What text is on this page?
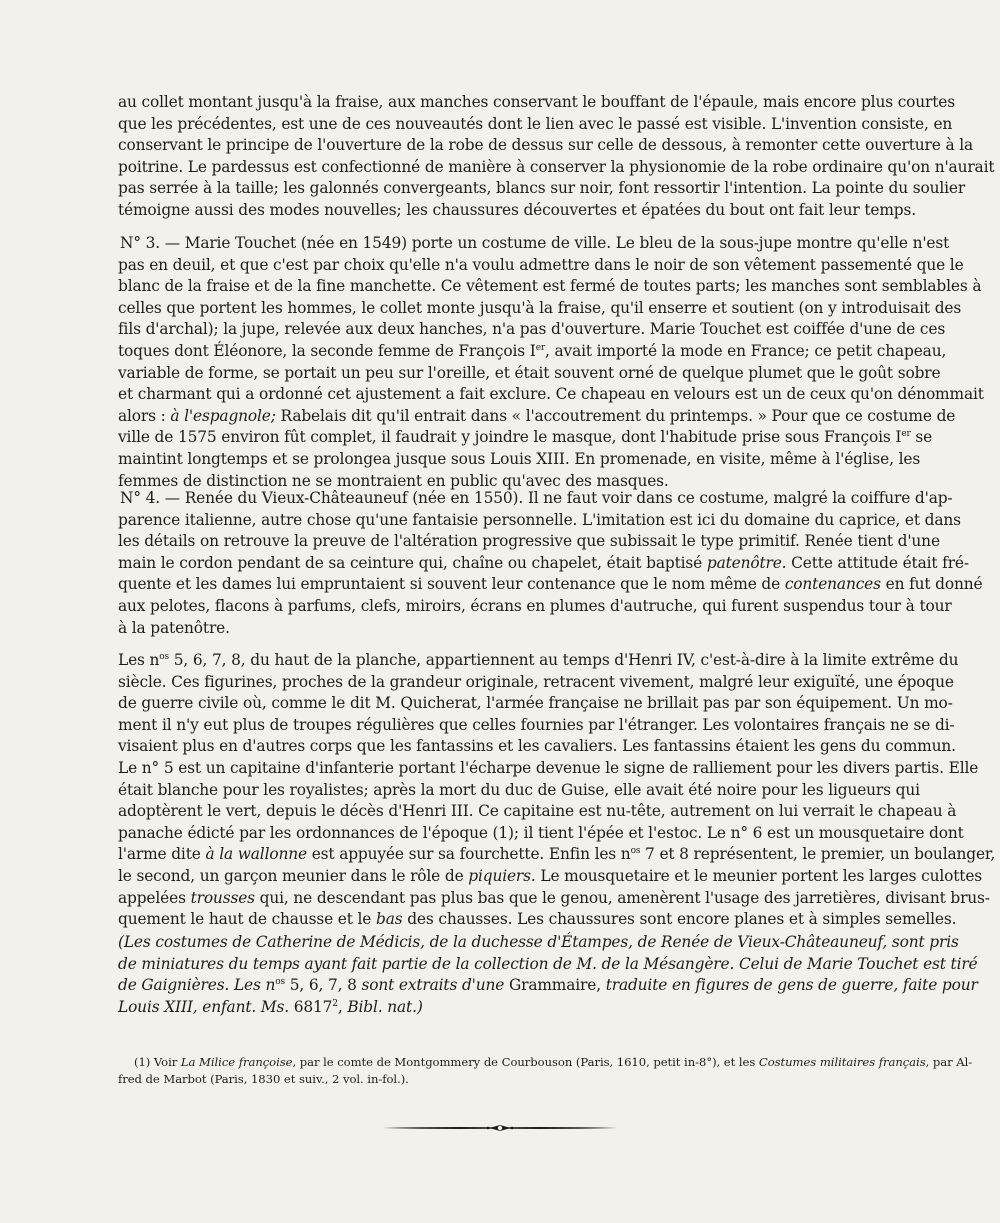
au collet montant jusqu'à la fraise, aux manches conservant le bouffant de l'épaule, mais encore plus courtes
que les précédentes, est une de ces nouveautés dont le lien avec le passé est visible. L'invention consiste, en
conservant le principe de l'ouverture de la robe de dessus sur celle de dessous, à remonter cette ouverture à la
poitrine. Le pardessus est confectionné de manière à conserver la physionomie de la robe ordinaire qu'on n'aurait
pas serrée à la taille; les galonnés convergeants, blancs sur noir, font ressortir l'intention. La pointe du soulier
témoigne aussi des modes nouvelles; les chaussures découvertes et épatées du bout ont fait leur temps.
N° 3. — Marie Touchet (née en 1549) porte un costume de ville. Le bleu de la sous-jupe montre qu'elle n'est
pas en deuil, et que c'est par choix qu'elle n'a voulu admettre dans le noir de son vêtement passementé que le
blanc de la fraise et de la fine manchette. Ce vêtement est fermé de toutes parts; les manches sont semblables à
celles que portent les hommes, le collet monte jusqu'à la fraise, qu'il enserre et soutient (on y introduisait des
fils d'archal); la jupe, relevée aux deux hanches, n'a pas d'ouverture. Marie Touchet est coiffée d'une de ces
toques dont Éléonore, la seconde femme de François Ier, avait importé la mode en France; ce petit chapeau,
variable de forme, se portait un peu sur l'oreille, et était souvent orné de quelque plumet que le goût sobre
et charmant qui a ordonné cet ajustement a fait exclure. Ce chapeau en velours est un de ceux qu'on dénommait
alors : à l'espagnole; Rabelais dit qu'il entrait dans « l'accoutrement du printemps. » Pour que ce costume de
ville de 1575 environ fût complet, il faudrait y joindre le masque, dont l'habitude prise sous François Ier se
maintint longtemps et se prolongea jusque sous Louis XIII. En promenade, en visite, même à l'église, les
femmes de distinction ne se montraient en public qu'avec des masques.
N° 4. — Renée du Vieux-Châteauneuf (née en 1550). Il ne faut voir dans ce costume, malgré la coiffure d'ap-
parence italienne, autre chose qu'une fantaisie personnelle. L'imitation est ici du domaine du caprice, et dans
les détails on retrouve la preuve de l'altération progressive que subissait le type primitif. Renée tient d'une
main le cordon pendant de sa ceinture qui, chaîne ou chapelet, était baptisé patenôtre. Cette attitude était fré-
quente et les dames lui empruntaient si souvent leur contenance que le nom même de contenances en fut donné
aux pelotes, flacons à parfums, clefs, miroirs, écrans en plumes d'autruche, qui furent suspendus tour à tour
à la patenôtre.
Les $n^{os}$ 5, 6, 7, 8, du haut de la planche, appartiennent au temps d'Henri IV, c'est-à-dire à la limite extrême du
siècle. Ces figurines, proches de la grandeur originale, retracent vivement, malgré leur exiguïté, une époque
de guerre civile où, comme le dit M. Quicherat, l'armée française ne brillait pas par son équipement. Un mo-
ment il n'y eut plus de troupes régulières que celles fournies par l'étranger. Les volontaires français ne se di-
visaient plus en d'autres corps que les fantassins et les cavaliers. Les fantassins étaient les gens du commun.
Le n° 5 est un capitaine d'infanterie portant l'écharpe devenue le signe de ralliement pour les divers partis. Elle
était blanche pour les royalistes; après la mort du duc de Guise, elle avait été noire pour les ligueurs qui
adoptèrent le vert, depuis le décès d'Henri III. Ce capitaine est nu-tête, autrement on lui verrait le chapeau à
panache édicté par les ordonnances de l'époque (1); il tient l'épée et l'estoc. Le n° 6 est un mousquetaire dont
l'arme dite à la wallonne est appuyée sur sa fourchette. Enfin les $n^{os}$ 7 et 8 représentent, le premier, un boulanger,
le second, un garçon meunier dans le rôle de piquiers. Le mousquetaire et le meunier portent les larges culottes
appelées trousses qui, ne descendant pas plus bas que le genou, amenèrent l'usage des jarretières, divisant brus-
quement le haut de chausse et le bas des chausses. Les chaussures sont encore planes et à simples semelles.
(Les costumes de Catherine de Médicis, de la duchesse d'Étampes, de Renée de Vieux-Châteauneuf, sont pris
de miniatures du temps ayant fait partie de la collection de M. de la Mésangère. Celui de Marie Touchet est tiré
de Gaignières. Les $n^{os}$ 5, 6, 7, 8 sont extraits d'une Grammaire, traduite en figures de gens de guerre, faite pour
Louis XIII, enfant. Ms. 6817$^2$, Bibl. nat.)
(1) Voir La Milice françoise, par le comte de Montgommery de Courbouson (Paris, 1610, petit in-8°), et les Costumes militaires français, par Al-
fred de Marbot (Paris, 1830 et suiv., 2 vol. in-fol.).
